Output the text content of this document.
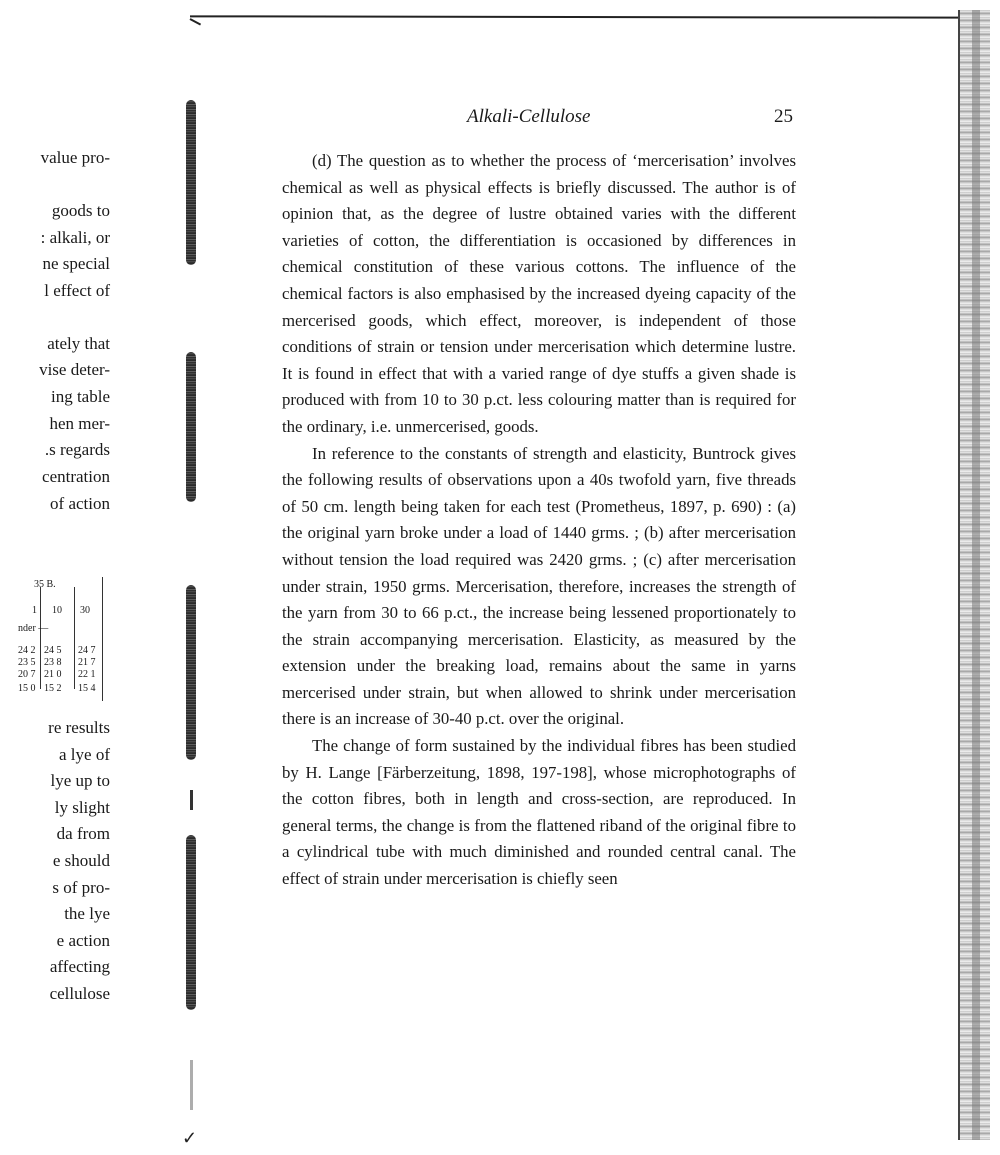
✓
value pro-
goods to
: alkali, or
ne special
l effect of
ately that
vise deter-
ing table
hen mer-
.s regards
centration
of action
re results
a lye of
lye up to
ly slight
da from
e should
s of pro-
the lye
e action
affecting
cellulose
35 B.
1 10 30
nder —
24 2 24 5 24 7
23 5 23 8 21 7
20 7 21 0 22 1
15 0 15 2 15 4
Alkali-Cellulose	25

(d) The question as to whether the process of ‘mercerisation’ involves chemical as well as physical effects is briefly discussed. The author is of opinion that, as the degree of lustre obtained varies with the different varieties of cotton, the differentiation is occasioned by differences in chemical constitution of these various cottons. The influence of the chemical factors is also emphasised by the increased dyeing capacity of the mercerised goods, which effect, moreover, is independent of those conditions of strain or tension under mercerisation which determine lustre. It is found in effect that with a varied range of dye stuffs a given shade is produced with from 10 to 30 p.ct. less colouring matter than is required for the ordinary, i.e. unmercerised, goods.

In reference to the constants of strength and elasticity, Buntrock gives the following results of observations upon a 40s twofold yarn, five threads of 50 cm. length being taken for each test (Prometheus, 1897, p. 690) : (a) the original yarn broke under a load of 1440 grms. ; (b) after mercerisation without tension the load required was 2420 grms. ; (c) after mercerisation under strain, 1950 grms. Mercerisation, therefore, increases the strength of the yarn from 30 to 66 p.ct., the increase being lessened proportionately to the strain accompanying mercerisation. Elasticity, as measured by the extension under the breaking load, remains about the same in yarns mercerised under strain, but when allowed to shrink under mercerisation there is an increase of 30-40 p.ct. over the original.

The change of form sustained by the individual fibres has been studied by H. Lange [Färberzeitung, 1898, 197-198], whose microphotographs of the cotton fibres, both in length and cross-section, are reproduced. In general terms, the change is from the flattened riband of the original fibre to a cylindrical tube with much diminished and rounded central canal. The effect of strain under mercerisation is chiefly seen
